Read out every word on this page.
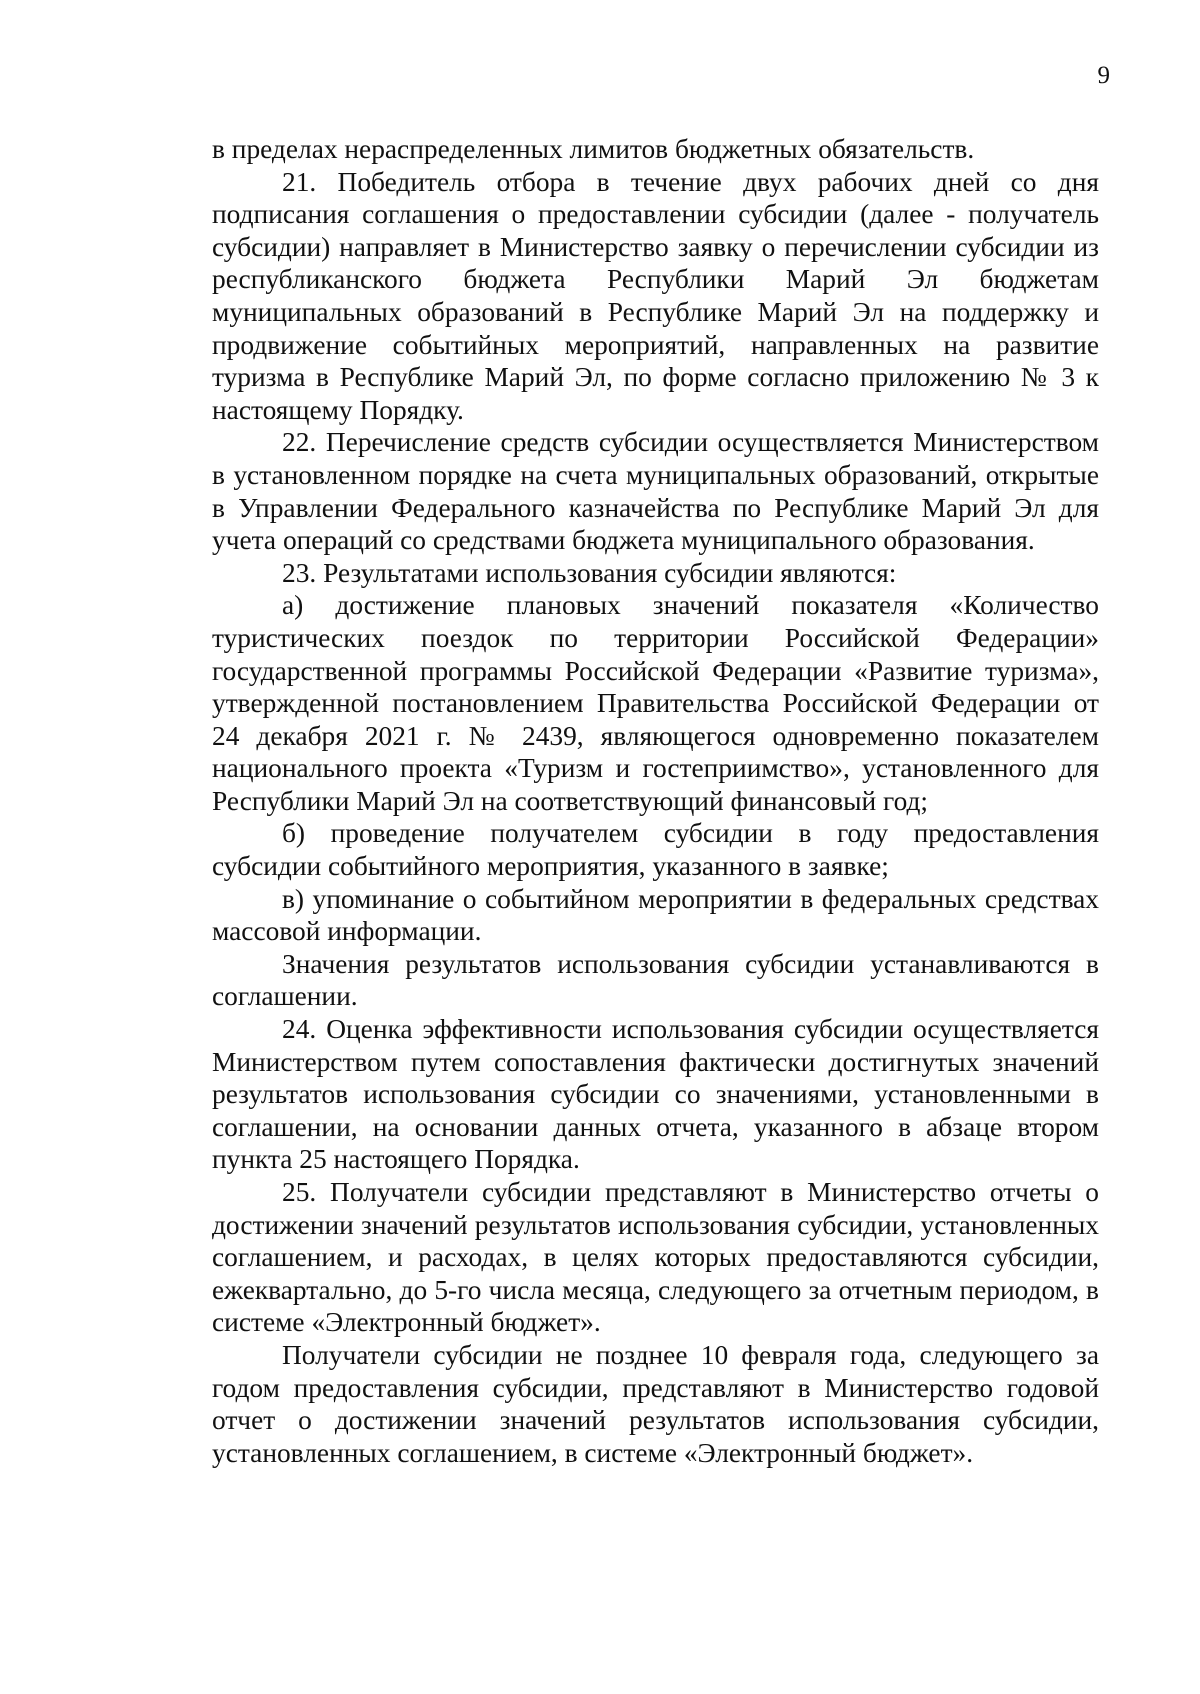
9

в пределах нераспределенных лимитов бюджетных обязательств.

21. Победитель отбора в течение двух рабочих дней со дня подписания соглашения о предоставлении субсидии (далее - получатель субсидии) направляет в Министерство заявку о перечислении субсидии из республиканского бюджета Республики Марий Эл бюджетам муниципальных образований в Республике Марий Эл на поддержку и продвижение событийных мероприятий, направленных на развитие туризма в Республике Марий Эл, по форме согласно приложению № 3 к настоящему Порядку.

22. Перечисление средств субсидии осуществляется Министерством в установленном порядке на счета муниципальных образований, открытые в Управлении Федерального казначейства по Республике Марий Эл для учета операций со средствами бюджета муниципального образования.

23. Результатами использования субсидии являются:

а) достижение плановых значений показателя «Количество туристических поездок по территории Российской Федерации» государственной программы Российской Федерации «Развитие туризма», утвержденной постановлением Правительства Российской Федерации от 24 декабря 2021 г. № 2439, являющегося одновременно показателем национального проекта «Туризм и гостеприимство», установленного для Республики Марий Эл на соответствующий финансовый год;

б) проведение получателем субсидии в году предоставления субсидии событийного мероприятия, указанного в заявке;

в) упоминание о событийном мероприятии в федеральных средствах массовой информации.

Значения результатов использования субсидии устанавливаются в соглашении.

24. Оценка эффективности использования субсидии осуществляется Министерством путем сопоставления фактически достигнутых значений результатов использования субсидии со значениями, установленными в соглашении, на основании данных отчета, указанного в абзаце втором пункта 25 настоящего Порядка.

25. Получатели субсидии представляют в Министерство отчеты о достижении значений результатов использования субсидии, установленных соглашением, и расходах, в целях которых предоставляются субсидии, ежеквартально, до 5-го числа месяца, следующего за отчетным периодом, в системе «Электронный бюджет».

Получатели субсидии не позднее 10 февраля года, следующего за годом предоставления субсидии, представляют в Министерство годовой отчет о достижении значений результатов использования субсидии, установленных соглашением, в системе «Электронный бюджет».
